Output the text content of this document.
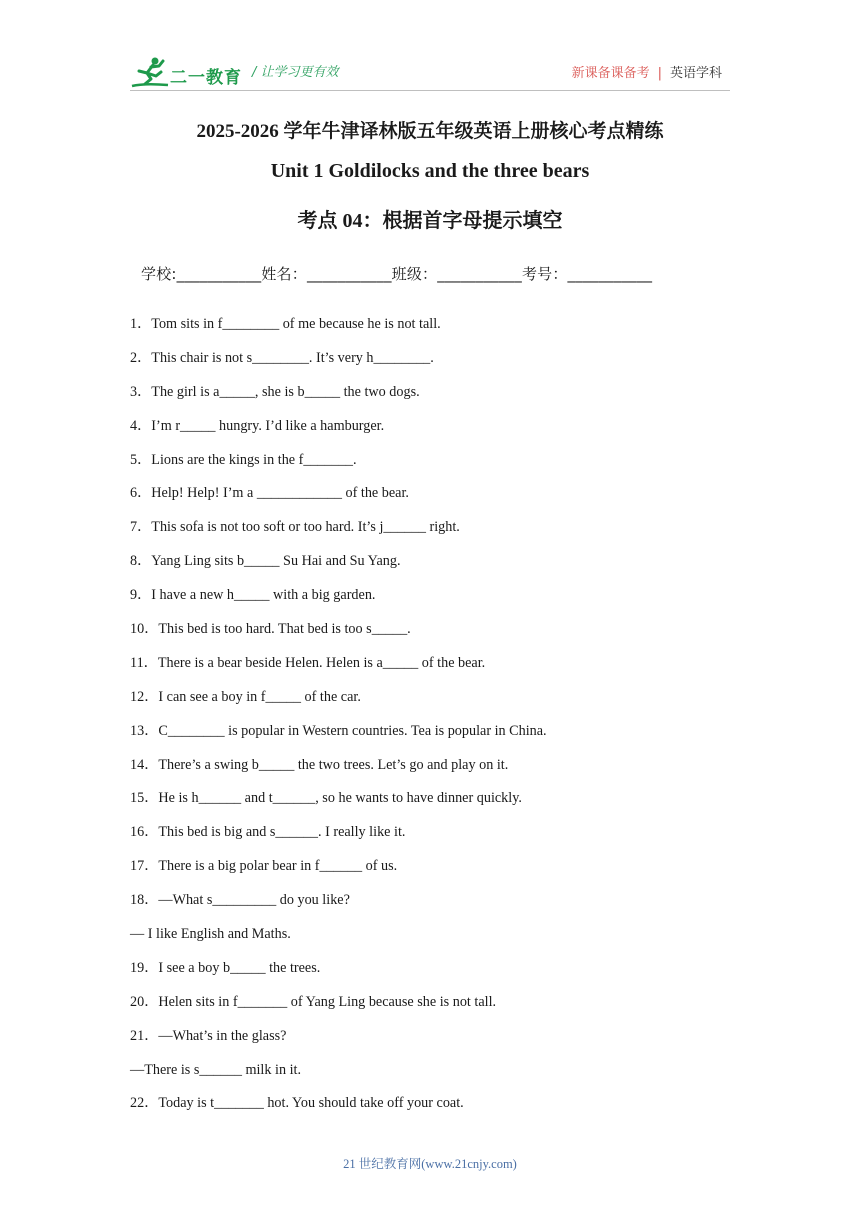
二一教育 / 让学习更有效	新课备课备考 | 英语学科
2025-2026 学年牛津译林版五年级英语上册核心考点精练
Unit 1 Goldilocks and the three bears
考点 04：根据首字母提示填空
学校:___________姓名：___________班级：___________考号：___________
1．Tom sits in f________ of me because he is not tall.
2．This chair is not s________. It’s very h________.
3．The girl is a_____, she is b_____ the two dogs.
4．I’m r_____ hungry. I’d like a hamburger.
5．Lions are the kings in the f_______.
6．Help! Help! I’m a ____________ of the bear.
7．This sofa is not too soft or too hard. It’s j______ right.
8．Yang Ling sits b_____ Su Hai and Su Yang.
9．I have a new h_____ with a big garden.
10．This bed is too hard. That bed is too s_____.
11．There is a bear beside Helen. Helen is a_____ of the bear.
12．I can see a boy in f_____ of the car.
13．C________ is popular in Western countries. Tea is popular in China.
14．There’s a swing b_____ the two trees. Let’s go and play on it.
15．He is h______ and t______, so he wants to have dinner quickly.
16．This bed is big and s______. I really like it.
17．There is a big polar bear in f______ of us.
18．—What s_________ do you like?
— I like English and Maths.
19．I see a boy b_____ the trees.
20．Helen sits in f_______ of Yang Ling because she is not tall.
21．—What’s in the glass?
—There is s______ milk in it.
22．Today is t_______ hot. You should take off your coat.
21 世纪教育网(www.21cnjy.com)
